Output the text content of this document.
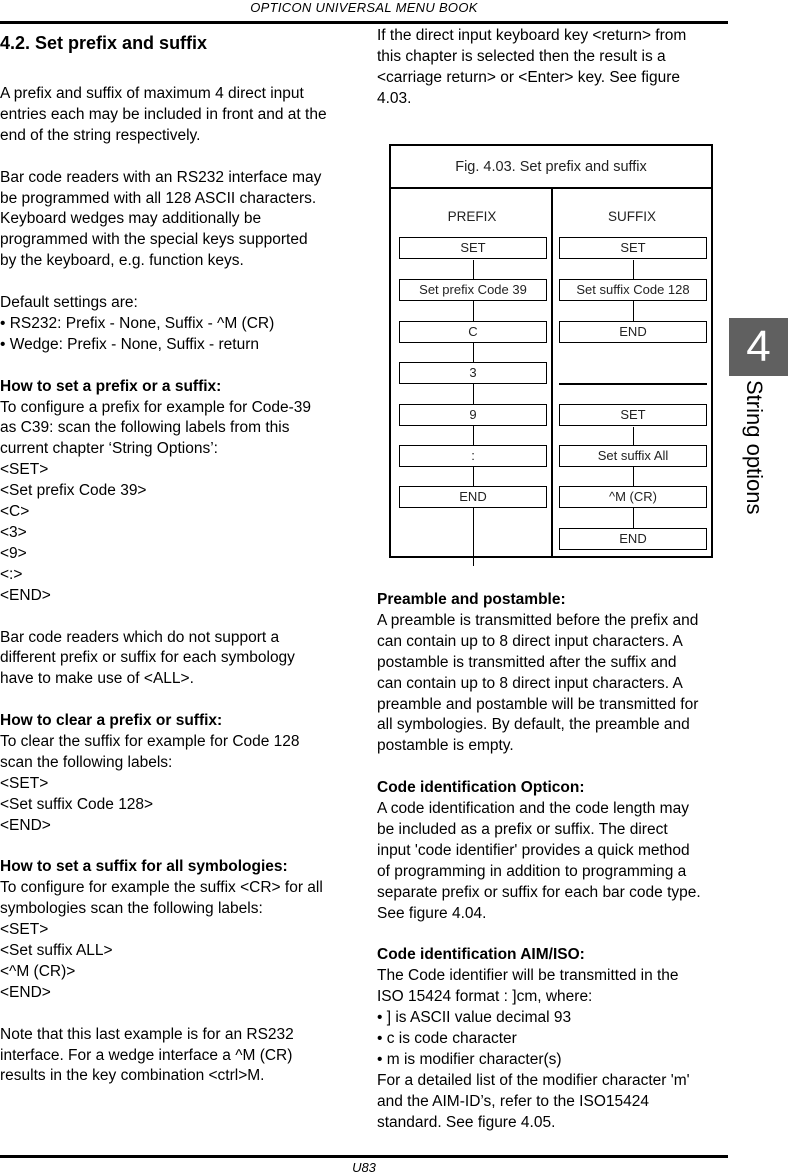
OPTICON UNIVERSAL MENU BOOK
U83
4
String options
4.2. Set prefix and suffix

A prefix and suffix of maximum 4 direct input

entries each may be included in front and at the

end of the string respectively.

Bar code readers with an RS232 interface may

be programmed with all 128 ASCII characters.

Keyboard wedges may additionally be

programmed with the special keys supported

by the keyboard, e.g. function keys.

Default settings are:

• RS232: Prefix - None, Suffix - ^M (CR)

• Wedge: Prefix - None, Suffix - return

How to set a prefix or a suffix:

To configure a prefix for example for Code-39

as C39: scan the following labels from this

current chapter ‘String Options’:

<SET>

<Set prefix Code 39>

<C>

<3>

<9>

<:>

<END>

Bar code readers which do not support a

different prefix or suffix for each symbology

have to make use of <ALL>.

How to clear a prefix or suffix:

To clear the suffix for example for Code 128

scan the following labels:

<SET>

<Set suffix Code 128>

<END>

How to set a suffix for all symbologies:

To configure for example the suffix <CR> for all

symbologies scan the following labels:

<SET>

<Set suffix ALL>

<^M (CR)>

<END>

Note that this last example is for an RS232

interface. For a wedge interface a ^M (CR)

results in the key combination <ctrl>M.

If the direct input keyboard key <return> from

this chapter is selected then the result is a

<carriage return> or <Enter> key. See figure

4.03.

Preamble and postamble:

A preamble is transmitted before the prefix and

can contain up to 8 direct input characters. A

postamble is transmitted after the suffix and

can contain up to 8 direct input characters. A

preamble and postamble will be transmitted for

all symbologies. By default, the preamble and

postamble is empty.

Code identification Opticon:

A code identification and the code length may

be included as a prefix or suffix. The direct

input 'code identifier' provides a quick method

of programming in addition to programming a

separate prefix or suffix for each bar code type.

See figure 4.04.

Code identification AIM/ISO:

The Code identifier will be transmitted in the

ISO 15424 format : ]cm, where:

• ] is ASCII value decimal 93

• c is code character

• m is modifier character(s)

For a detailed list of the modifier character 'm'

and the AIM-ID’s, refer to the ISO15424

standard. See figure 4.05.

Fig. 4.03. Set prefix and suffix
PREFIX	SUFFIX
SET
Set prefix Code 39
C
3
9
:
END
SET
Set suffix Code 128
END
SET
Set suffix All
^M (CR)
END
